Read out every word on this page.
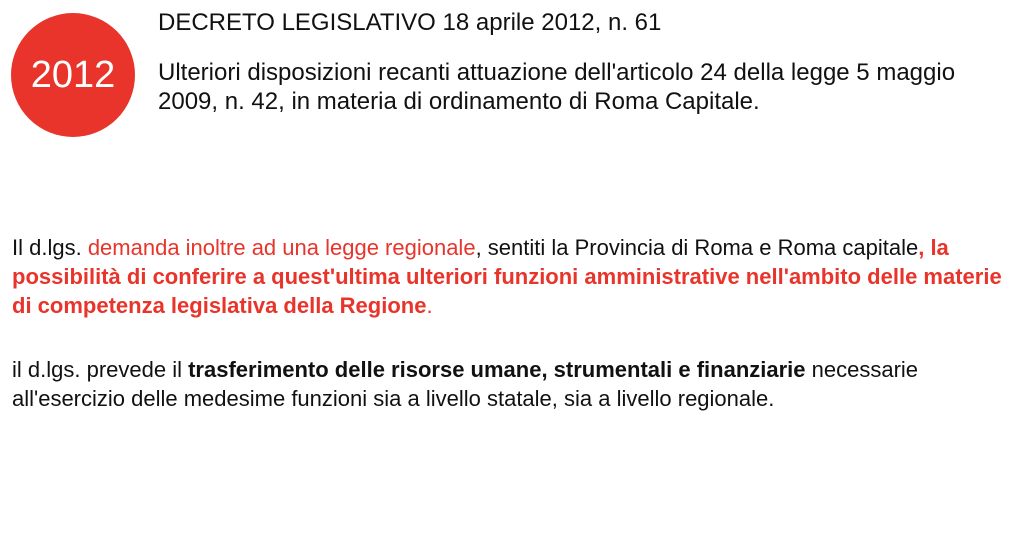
2012
DECRETO LEGISLATIVO 18 aprile 2012, n. 61

Ulteriori disposizioni recanti attuazione dell'articolo 24 della legge 5 maggio 2009, n. 42, in materia di ordinamento di Roma Capitale.

Il d.lgs. demanda inoltre ad una legge regionale, sentiti la Provincia di Roma e Roma capitale, la possibilità di conferire a quest'ultima ulteriori funzioni amministrative nell'ambito delle materie di competenza legislativa della Regione.

il d.lgs. prevede il trasferimento delle risorse umane, strumentali e finanziarie necessarie all'esercizio delle medesime funzioni sia a livello statale, sia a livello regionale.
